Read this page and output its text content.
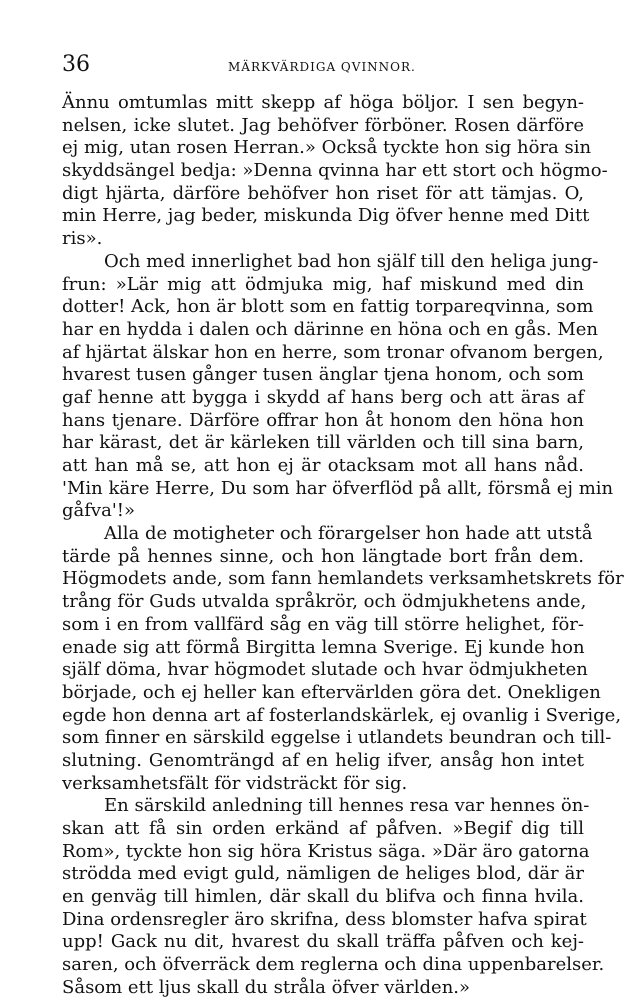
36	MÄRKVÄRDIGA QVINNOR.
Ännu omtumlas mitt skepp af höga böljor. I sen begyn-
nelsen, icke slutet. Jag behöfver förböner. Rosen därföre
ej mig, utan rosen Herran.» Också tyckte hon sig höra sin
skyddsängel bedja: »Denna qvinna har ett stort och högmo-
digt hjärta, därföre behöfver hon riset för att tämjas. O,
min Herre, jag beder, miskunda Dig öfver henne med Ditt
ris».
Och med innerlighet bad hon själf till den heliga jung-
frun: »Lär mig att ödmjuka mig, haf miskund med din
dotter! Ack, hon är blott som en fattig torpareqvinna, som
har en hydda i dalen och därinne en höna och en gås. Men
af hjärtat älskar hon en herre, som tronar ofvanom bergen,
hvarest tusen gånger tusen änglar tjena honom, och som
gaf henne att bygga i skydd af hans berg och att äras af
hans tjenare. Därföre offrar hon åt honom den höna hon
har kärast, det är kärleken till världen och till sina barn,
att han må se, att hon ej är otacksam mot all hans nåd.
'Min käre Herre, Du som har öfverflöd på allt, försmå ej min
gåfva'!»
Alla de motigheter och förargelser hon hade att utstå
tärde på hennes sinne, och hon längtade bort från dem.
Högmodets ande, som fann hemlandets verksamhetskrets för
trång för Guds utvalda språkrör, och ödmjukhetens ande,
som i en from vallfärd såg en väg till större helighet, för-
enade sig att förmå Birgitta lemna Sverige. Ej kunde hon
själf döma, hvar högmodet slutade och hvar ödmjukheten
började, och ej heller kan eftervärlden göra det. Onekligen
egde hon denna art af fosterlandskärlek, ej ovanlig i Sverige,
som finner en särskild eggelse i utlandets beundran och till-
slutning. Genomträngd af en helig ifver, ansåg hon intet
verksamhetsfält för vidsträckt för sig.
En särskild anledning till hennes resa var hennes ön-
skan att få sin orden erkänd af påfven. »Begif dig till
Rom», tyckte hon sig höra Kristus säga. »Där äro gatorna
strödda med evigt guld, nämligen de heliges blod, där är
en genväg till himlen, där skall du blifva och finna hvila.
Dina ordensregler äro skrifna, dess blomster hafva spirat
upp! Gack nu dit, hvarest du skall träffa påfven och kej-
saren, och öfverräck dem reglerna och dina uppenbarelser.
Såsom ett ljus skall du stråla öfver världen.»
